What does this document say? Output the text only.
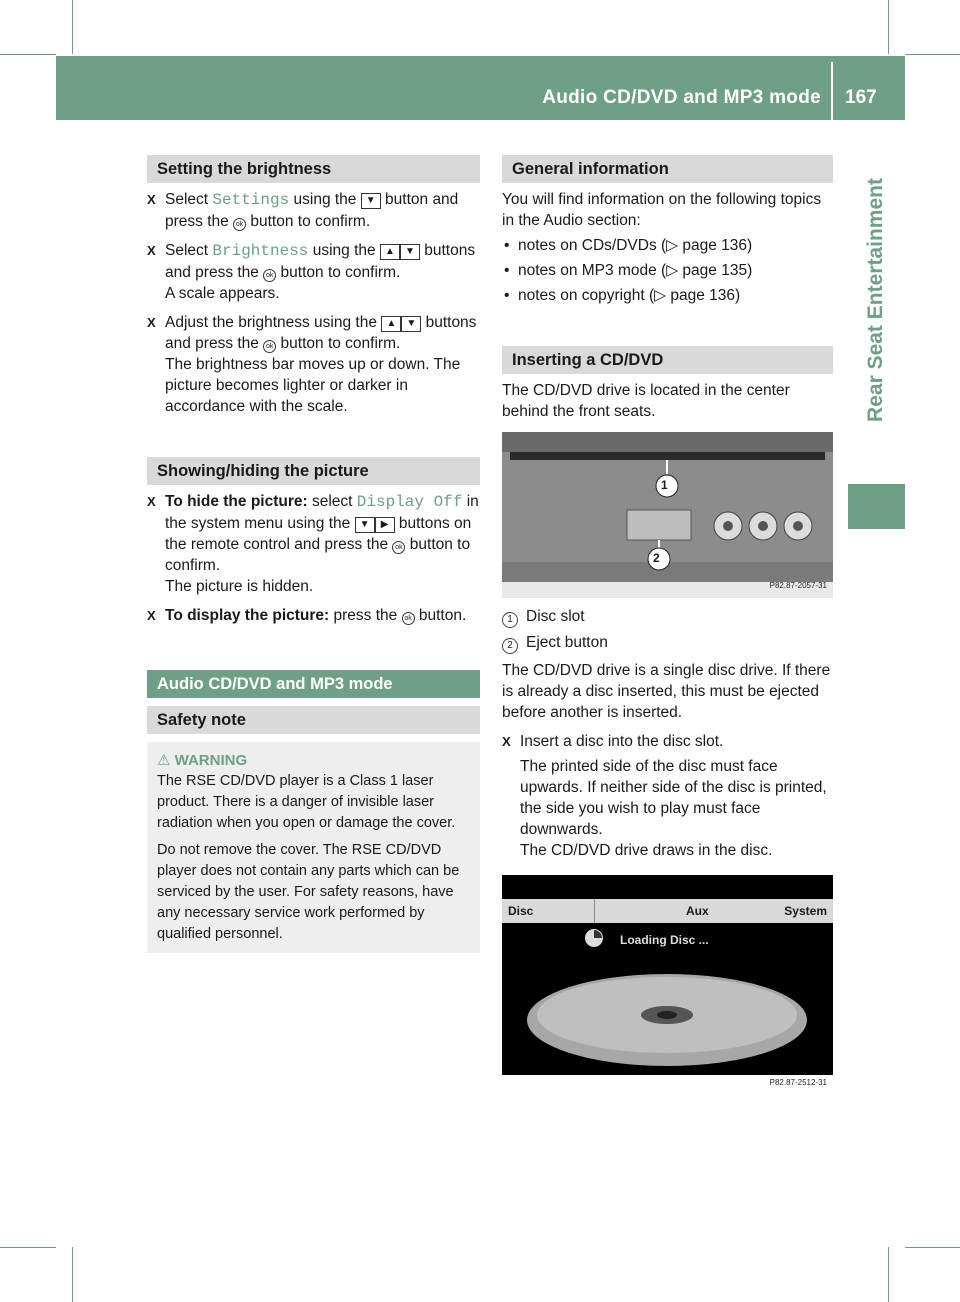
Audio CD/DVD and MP3 mode 167
Rear Seat Entertainment
Setting the brightness
X Select Settings using the ▼ button and press the ok button to confirm.
X Select Brightness using the ▲ ▼ buttons and press the ok button to confirm.
A scale appears.
X Adjust the brightness using the ▲ ▼ buttons and press the ok button to confirm.
The brightness bar moves up or down. The picture becomes lighter or darker in accordance with the scale.
Showing/hiding the picture
X To hide the picture: select Display Off in the system menu using the ▼ ▶ buttons on the remote control and press the ok button to confirm.
The picture is hidden.
X To display the picture: press the ok button.
Audio CD/DVD and MP3 mode
Safety note
⚠ WARNING
The RSE CD/DVD player is a Class 1 laser product. There is a danger of invisible laser radiation when you open or damage the cover.
Do not remove the cover. The RSE CD/DVD player does not contain any parts which can be serviced by the user. For safety reasons, have any necessary service work performed by qualified personnel.
General information
You will find information on the following topics in the Audio section:
• notes on CDs/DVDs (▷ page 136)
• notes on MP3 mode (▷ page 135)
• notes on copyright (▷ page 136)
Inserting a CD/DVD
The CD/DVD drive is located in the center behind the front seats.
1
2
P82.87-2057-31
1 Disc slot
2 Eject button
The CD/DVD drive is a single disc drive. If there is already a disc inserted, this must be ejected before another is inserted.
X Insert a disc into the disc slot.
The printed side of the disc must face upwards. If neither side of the disc is printed, the side you wish to play must face downwards.
The CD/DVD drive draws in the disc.
Disc	Aux	System
Loading Disc ...
P82.87-2512-31
